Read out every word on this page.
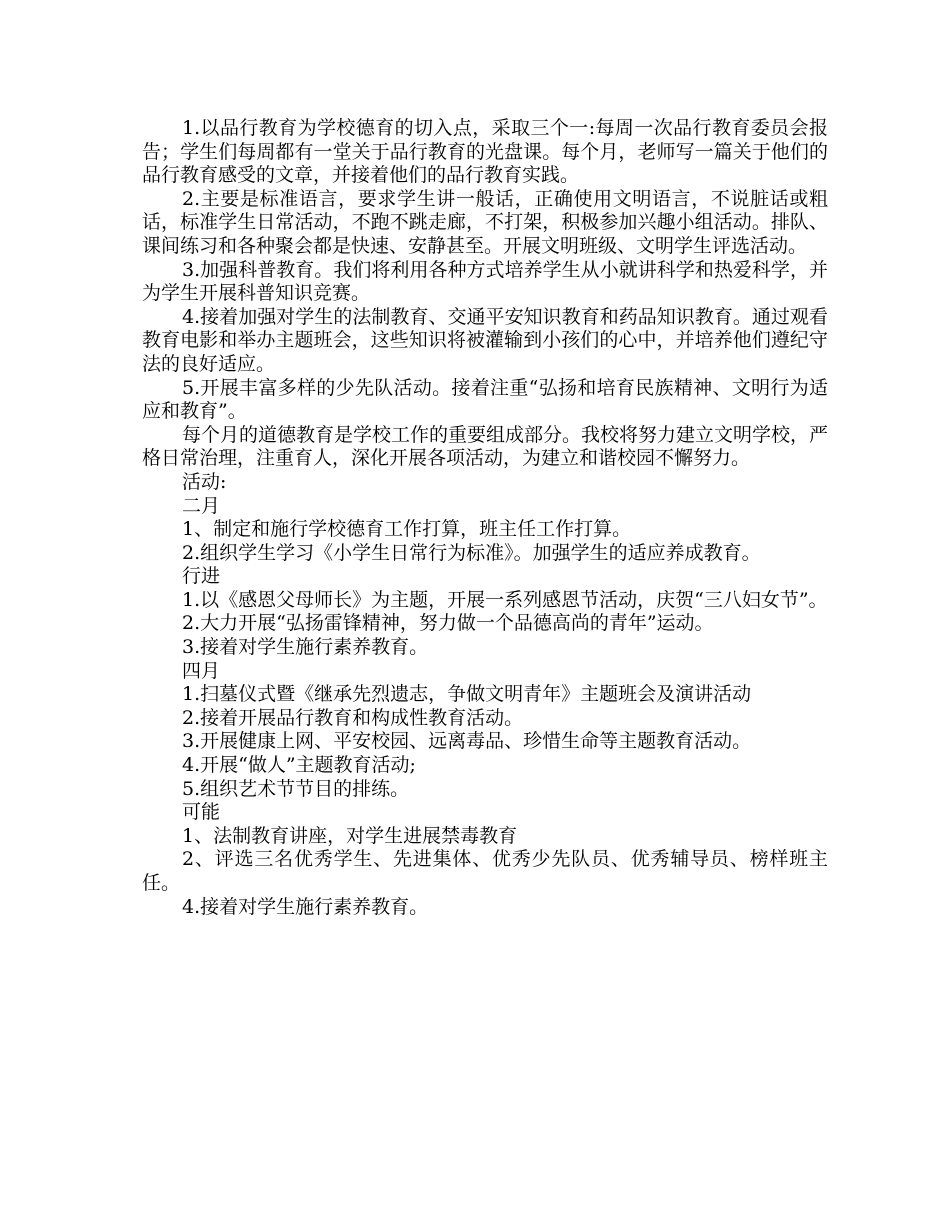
1.以品行教育为学校德育的切入点，采取三个一:每周一次品行教育委员会报告；学生们每周都有一堂关于品行教育的光盘课。每个月，老师写一篇关于他们的品行教育感受的文章，并接着他们的品行教育实践。

2.主要是标准语言，要求学生讲一般话，正确使用文明语言，不说脏话或粗话，标准学生日常活动，不跑不跳走廊，不打架，积极参加兴趣小组活动。排队、课间练习和各种聚会都是快速、安静甚至。开展文明班级、文明学生评选活动。

3.加强科普教育。我们将利用各种方式培养学生从小就讲科学和热爱科学，并为学生开展科普知识竞赛。

4.接着加强对学生的法制教育、交通平安知识教育和药品知识教育。通过观看教育电影和举办主题班会，这些知识将被灌输到小孩们的心中，并培养他们遵纪守法的良好适应。

5.开展丰富多样的少先队活动。接着注重“弘扬和培育民族精神、文明行为适应和教育”。

每个月的道德教育是学校工作的重要组成部分。我校将努力建立文明学校，严格日常治理，注重育人，深化开展各项活动，为建立和谐校园不懈努力。

活动:

二月

1、制定和施行学校德育工作打算，班主任工作打算。

2.组织学生学习《小学生日常行为标准》。加强学生的适应养成教育。

行进

1.以《感恩父母师长》为主题，开展一系列感恩节活动，庆贺“三八妇女节”。

2.大力开展“弘扬雷锋精神，努力做一个品德高尚的青年”运动。

3.接着对学生施行素养教育。

四月

1.扫墓仪式暨《继承先烈遗志，争做文明青年》主题班会及演讲活动

2.接着开展品行教育和构成性教育活动。

3.开展健康上网、平安校园、远离毒品、珍惜生命等主题教育活动。

4.开展“做人”主题教育活动;

5.组织艺术节节目的排练。

可能

1、法制教育讲座，对学生进展禁毒教育

2、评选三名优秀学生、先进集体、优秀少先队员、优秀辅导员、榜样班主任。

4.接着对学生施行素养教育。
